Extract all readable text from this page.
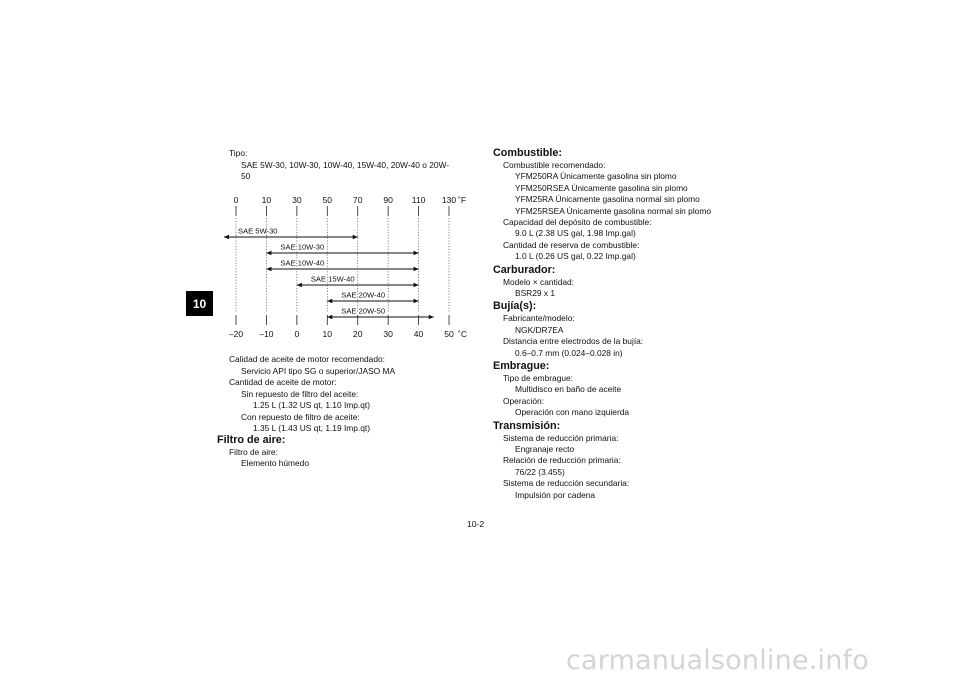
10
Tipo:
SAE 5W-30, 10W-30, 10W-40, 15W-40, 20W-40 o 20W-
50
0
–20
10
–10
30
0
50
10
70
20
90
30
110
40
130
50
˚F
˚C
SAE 5W-30
SAE 10W-30
SAE 10W-40
SAE 15W-40
SAE 20W-40
SAE 20W-50
Calidad de aceite de motor recomendado:
Servicio API tipo SG o superior/JASO MA
Cantidad de aceite de motor:
Sin repuesto de filtro del aceite:
1.25 L (1.32 US qt, 1.10 Imp.qt)
Con repuesto de filtro de aceite:
1.35 L (1.43 US qt, 1.19 Imp.qt)
Filtro de aire:
Filtro de aire:
Elemento húmedo
Combustible:
Combustible recomendado:
YFM250RA Únicamente gasolina sin plomo
YFM250RSEA Únicamente gasolina sin plomo
YFM25RA Únicamente gasolina normal sin plomo
YFM25RSEA Únicamente gasolina normal sin plomo
Capacidad del depósito de combustible:
9.0 L (2.38 US gal, 1.98 Imp.gal)
Cantidad de reserva de combustible:
1.0 L (0.26 US gal, 0.22 Imp.gal)
Carburador:
Modelo × cantidad:
BSR29 x 1
Bujía(s):
Fabricante/modelo:
NGK/DR7EA
Distancia entre electrodos de la bujía:
0.6–0.7 mm (0.024–0.028 in)
Embrague:
Tipo de embrague:
Multidisco en baño de aceite
Operación:
Operación con mano izquierda
Transmisión:
Sistema de reducción primaria:
Engranaje recto
Relación de reducción primaria:
76/22 (3.455)
Sistema de reducción secundaria:
Impulsión por cadena
10-2
carmanualsonline.info
